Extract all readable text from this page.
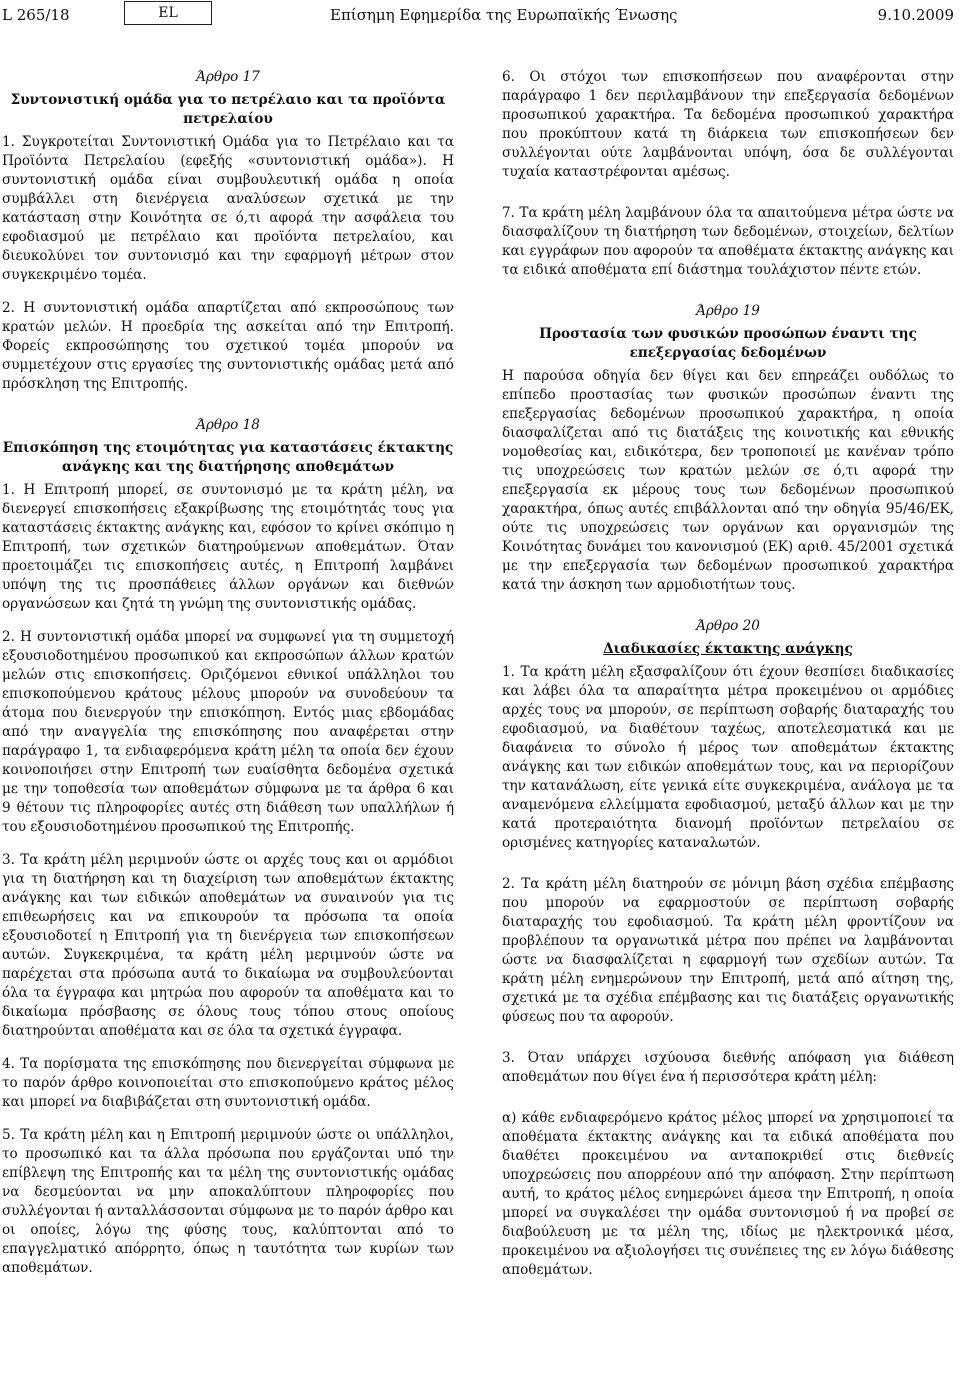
L 265/18	EL	Επίσημη Εφημερίδα της Ευρωπαϊκής Ένωσης	9.10.2009

Άρθρο 17

Συντονιστική ομάδα για το πετρέλαιο και τα προϊόντα πετρελαίου

1. Συγκροτείται Συντονιστική Ομάδα για το Πετρέλαιο και τα Προϊόντα Πετρελαίου (εφεξής «συντονιστική ομάδα»). Η συντονιστική ομάδα είναι συμβουλευτική ομάδα η οποία συμβάλλει στη διενέργεια αναλύσεων σχετικά με την κατάσταση στην Κοινότητα σε ό,τι αφορά την ασφάλεια του εφοδιασμού με πετρέλαιο και προϊόντα πετρελαίου, και διευκολύνει τον συντονισμό και την εφαρμογή μέτρων στον συγκεκριμένο τομέα.

2. Η συντονιστική ομάδα απαρτίζεται από εκπροσώπους των κρατών μελών. Η προεδρία της ασκείται από την Επιτροπή. Φορείς εκπροσώπησης του σχετικού τομέα μπορούν να συμμετέχουν στις εργασίες της συντονιστικής ομάδας μετά από πρόσκληση της Επιτροπής.

Άρθρο 18

Επισκόπηση της ετοιμότητας για καταστάσεις έκτακτης ανάγκης και της διατήρησης αποθεμάτων

1. Η Επιτροπή μπορεί, σε συντονισμό με τα κράτη μέλη, να διενεργεί επισκοπήσεις εξακρίβωσης της ετοιμότητάς τους για καταστάσεις έκτακτης ανάγκης και, εφόσον το κρίνει σκόπιμο η Επιτροπή, των σχετικών διατηρούμενων αποθεμάτων. Όταν προετοιμάζει τις επισκοπήσεις αυτές, η Επιτροπή λαμβάνει υπόψη της τις προσπάθειες άλλων οργάνων και διεθνών οργανώσεων και ζητά τη γνώμη της συντονιστικής ομάδας.

2. Η συντονιστική ομάδα μπορεί να συμφωνεί για τη συμμετοχή εξουσιοδοτημένου προσωπικού και εκπροσώπων άλλων κρατών μελών στις επισκοπήσεις. Οριζόμενοι εθνικοί υπάλληλοι του επισκοπούμενου κράτους μέλους μπορούν να συνοδεύουν τα άτομα που διενεργούν την επισκόπηση. Εντός μιας εβδομάδας από την αναγγελία της επισκόπησης που αναφέρεται στην παράγραφο 1, τα ενδιαφερόμενα κράτη μέλη τα οποία δεν έχουν κοινοποιήσει στην Επιτροπή των ευαίσθητα δεδομένα σχετικά με την τοποθεσία των αποθεμάτων σύμφωνα με τα άρθρα 6 και 9 θέτουν τις πληροφορίες αυτές στη διάθεση των υπαλλήλων ή του εξουσιοδοτημένου προσωπικού της Επιτροπής.

3. Τα κράτη μέλη μεριμνούν ώστε οι αρχές τους και οι αρμόδιοι για τη διατήρηση και τη διαχείριση των αποθεμάτων έκτακτης ανάγκης και των ειδικών αποθεμάτων να συναινούν για τις επιθεωρήσεις και να επικουρούν τα πρόσωπα τα οποία εξουσιοδοτεί η Επιτροπή για τη διενέργεια των επισκοπήσεων αυτών. Συγκεκριμένα, τα κράτη μέλη μεριμνούν ώστε να παρέχεται στα πρόσωπα αυτά το δικαίωμα να συμβουλεύονται όλα τα έγγραφα και μητρώα που αφορούν τα αποθέματα και το δικαίωμα πρόσβασης σε όλους τους τόπου στους οποίους διατηρούνται αποθέματα και σε όλα τα σχετικά έγγραφα.

4. Τα πορίσματα της επισκόπησης που διενεργείται σύμφωνα με το παρόν άρθρο κοινοποιείται στο επισκοπούμενο κράτος μέλος και μπορεί να διαβιβάζεται στη συντονιστική ομάδα.

5. Τα κράτη μέλη και η Επιτροπή μεριμνούν ώστε οι υπάλληλοι, το προσωπικό και τα άλλα πρόσωπα που εργάζονται υπό την επίβλεψη της Επιτροπής και τα μέλη της συντονιστικής ομάδας να δεσμεύονται να μην αποκαλύπτουν πληροφορίες που συλλέγονται ή ανταλλάσσονται σύμφωνα με το παρόν άρθρο και οι οποίες, λόγω της φύσης τους, καλύπτονται από το επαγγελματικό απόρρητο, όπως η ταυτότητα των κυρίων των αποθεμάτων.

6. Οι στόχοι των επισκοπήσεων που αναφέρονται στην παράγραφο 1 δεν περιλαμβάνουν την επεξεργασία δεδομένων προσωπικού χαρακτήρα. Τα δεδομένα προσωπικού χαρακτήρα που προκύπτουν κατά τη διάρκεια των επισκοπήσεων δεν συλλέγονται ούτε λαμβάνονται υπόψη, όσα δε συλλέγονται τυχαία καταστρέφονται αμέσως.

7. Τα κράτη μέλη λαμβάνουν όλα τα απαιτούμενα μέτρα ώστε να διασφαλίζουν τη διατήρηση των δεδομένων, στοιχείων, δελτίων και εγγράφων που αφορούν τα αποθέματα έκτακτης ανάγκης και τα ειδικά αποθέματα επί διάστημα τουλάχιστον πέντε ετών.

Άρθρο 19

Προστασία των φυσικών προσώπων έναντι της επεξεργασίας δεδομένων

Η παρούσα οδηγία δεν θίγει και δεν επηρεάζει ουδόλως το επίπεδο προστασίας των φυσικών προσώπων έναντι της επεξεργασίας δεδομένων προσωπικού χαρακτήρα, η οποία διασφαλίζεται από τις διατάξεις της κοινοτικής και εθνικής νομοθεσίας και, ειδικότερα, δεν τροποποιεί με κανέναν τρόπο τις υποχρεώσεις των κρατών μελών σε ό,τι αφορά την επεξεργασία εκ μέρους τους των δεδομένων προσωπικού χαρακτήρα, όπως αυτές επιβάλλονται από την οδηγία 95/46/ΕΚ, ούτε τις υποχρεώσεις των οργάνων και οργανισμών της Κοινότητας δυνάμει του κανονισμού (ΕΚ) αριθ. 45/2001 σχετικά με την επεξεργασία των δεδομένων προσωπικού χαρακτήρα κατά την άσκηση των αρμοδιοτήτων τους.

Άρθρο 20

Διαδικασίες έκτακτης ανάγκης

1. Τα κράτη μέλη εξασφαλίζουν ότι έχουν θεσπίσει διαδικασίες και λάβει όλα τα απαραίτητα μέτρα προκειμένου οι αρμόδιες αρχές τους να μπορούν, σε περίπτωση σοβαρής διαταραχής του εφοδιασμού, να διαθέτουν ταχέως, αποτελεσματικά και με διαφάνεια το σύνολο ή μέρος των αποθεμάτων έκτακτης ανάγκης και των ειδικών αποθεμάτων τους, και να περιορίζουν την κατανάλωση, είτε γενικά είτε συγκεκριμένα, ανάλογα με τα αναμενόμενα ελλείμματα εφοδιασμού, μεταξύ άλλων και με την κατά προτεραιότητα διανομή προϊόντων πετρελαίου σε ορισμένες κατηγορίες καταναλωτών.

2. Τα κράτη μέλη διατηρούν σε μόνιμη βάση σχέδια επέμβασης που μπορούν να εφαρμοστούν σε περίπτωση σοβαρής διαταραχής του εφοδιασμού. Τα κράτη μέλη φροντίζουν να προβλέπουν τα οργανωτικά μέτρα που πρέπει να λαμβάνονται ώστε να διασφαλίζεται η εφαρμογή των σχεδίων αυτών. Τα κράτη μέλη ενημερώνουν την Επιτροπή, μετά από αίτηση της, σχετικά με τα σχέδια επέμβασης και τις διατάξεις οργανωτικής φύσεως που τα αφορούν.

3. Όταν υπάρχει ισχύουσα διεθνής απόφαση για διάθεση αποθεμάτων που θίγει ένα ή περισσότερα κράτη μέλη:

α) κάθε ενδιαφερόμενο κράτος μέλος μπορεί να χρησιμοποιεί τα αποθέματα έκτακτης ανάγκης και τα ειδικά αποθέματα που διαθέτει προκειμένου να ανταποκριθεί στις διεθνείς υποχρεώσεις που απορρέουν από την απόφαση. Στην περίπτωση αυτή, το κράτος μέλος ενημερώνει άμεσα την Επιτροπή, η οποία μπορεί να συγκαλέσει την ομάδα συντονισμού ή να προβεί σε διαβούλευση με τα μέλη της, ιδίως με ηλεκτρονικά μέσα, προκειμένου να αξιολογήσει τις συνέπειες της εν λόγω διάθεσης αποθεμάτων.
